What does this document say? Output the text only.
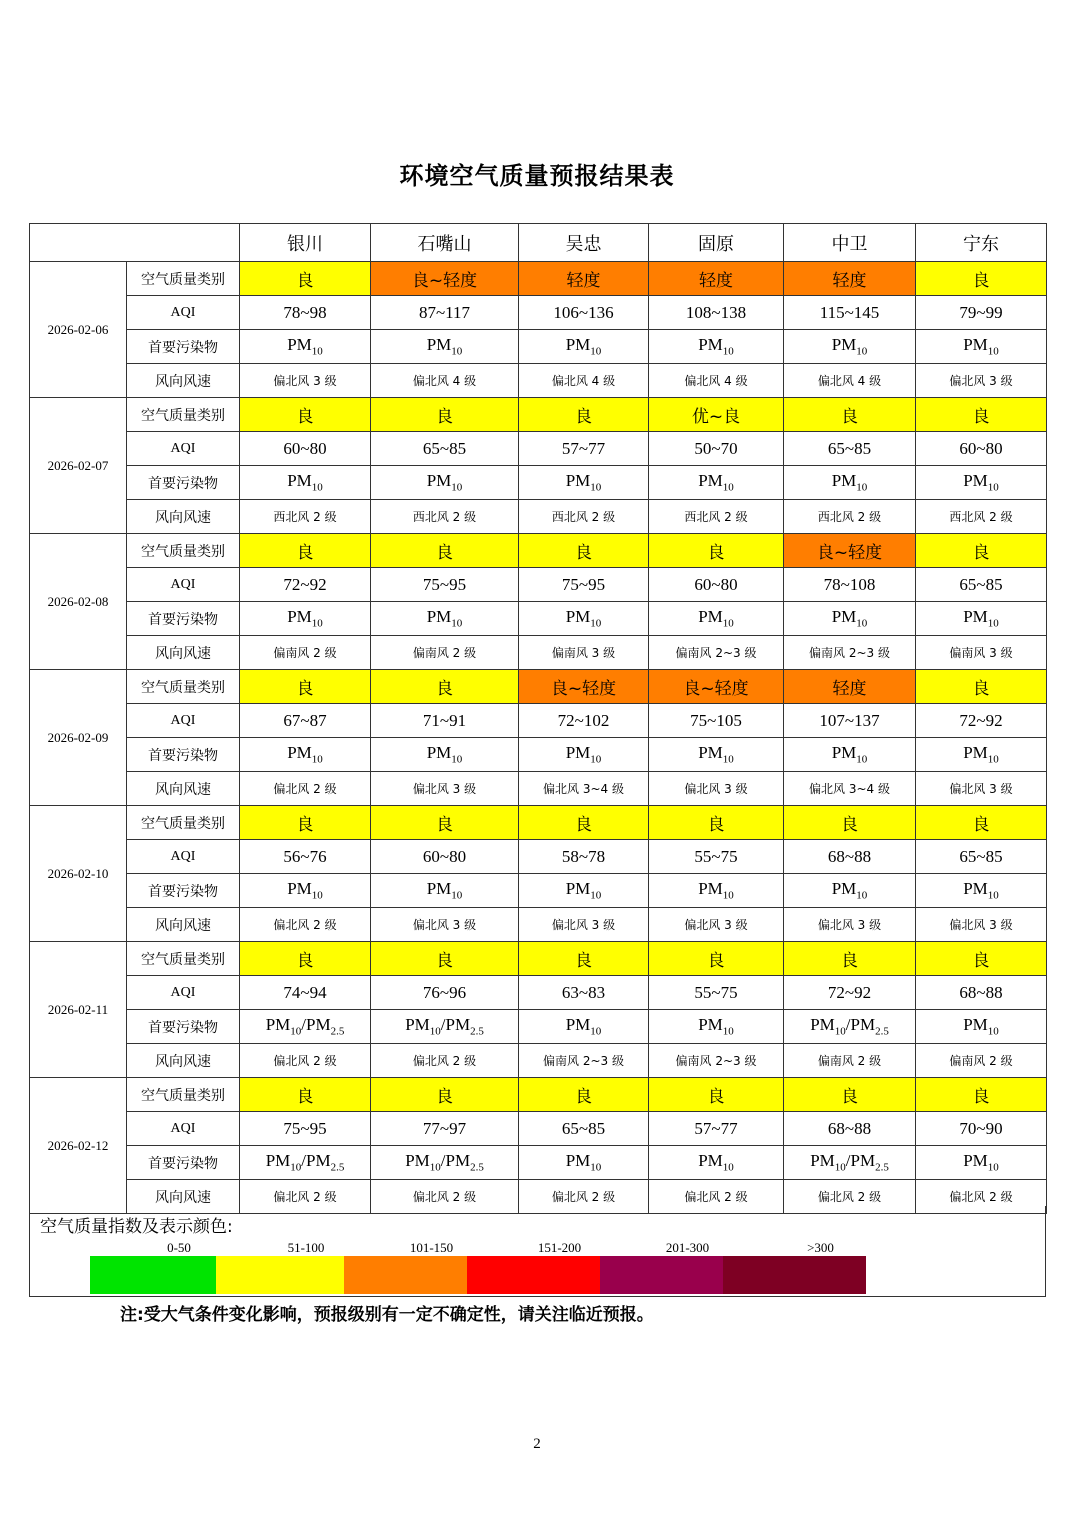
环境空气质量预报结果表
		银川	石嘴山	吴忠	固原	中卫	宁东
2026-02-06	空气质量类别	良	良~轻度	轻度	轻度	轻度	良
	AQI	78~98	87~117	106~136	108~138	115~145	79~99
	首要污染物	$PM_{10}$	$PM_{10}$	$PM_{10}$	$PM_{10}$	$PM_{10}$	$PM_{10}$
	风向风速	偏北风 3 级	偏北风 4 级	偏北风 4 级	偏北风 4 级	偏北风 4 级	偏北风 3 级
2026-02-07	空气质量类别	良	良	良	优~良	良	良
	AQI	60~80	65~85	57~77	50~70	65~85	60~80
	首要污染物	$PM_{10}$	$PM_{10}$	$PM_{10}$	$PM_{10}$	$PM_{10}$	$PM_{10}$
	风向风速	西北风 2 级	西北风 2 级	西北风 2 级	西北风 2 级	西北风 2 级	西北风 2 级
2026-02-08	空气质量类别	良	良	良	良	良~轻度	良
	AQI	72~92	75~95	75~95	60~80	78~108	65~85
	首要污染物	$PM_{10}$	$PM_{10}$	$PM_{10}$	$PM_{10}$	$PM_{10}$	$PM_{10}$
	风向风速	偏南风 2 级	偏南风 2 级	偏南风 3 级	偏南风 2~3 级	偏南风 2~3 级	偏南风 3 级
2026-02-09	空气质量类别	良	良	良~轻度	良~轻度	轻度	良
	AQI	67~87	71~91	72~102	75~105	107~137	72~92
	首要污染物	$PM_{10}$	$PM_{10}$	$PM_{10}$	$PM_{10}$	$PM_{10}$	$PM_{10}$
	风向风速	偏北风 2 级	偏北风 3 级	偏北风 3~4 级	偏北风 3 级	偏北风 3~4 级	偏北风 3 级
2026-02-10	空气质量类别	良	良	良	良	良	良
	AQI	56~76	60~80	58~78	55~75	68~88	65~85
	首要污染物	$PM_{10}$	$PM_{10}$	$PM_{10}$	$PM_{10}$	$PM_{10}$	$PM_{10}$
	风向风速	偏北风 2 级	偏北风 3 级	偏北风 3 级	偏北风 3 级	偏北风 3 级	偏北风 3 级
2026-02-11	空气质量类别	良	良	良	良	良	良
	AQI	74~94	76~96	63~83	55~75	72~92	68~88
	首要污染物	$PM_{10}/PM_{2.5}$	$PM_{10}/PM_{2.5}$	$PM_{10}$	$PM_{10}$	$PM_{10}/PM_{2.5}$	$PM_{10}$
	风向风速	偏北风 2 级	偏北风 2 级	偏南风 2~3 级	偏南风 2~3 级	偏南风 2 级	偏南风 2 级
2026-02-12	空气质量类别	良	良	良	良	良	良
	AQI	75~95	77~97	65~85	57~77	68~88	70~90
	首要污染物	$PM_{10}/PM_{2.5}$	$PM_{10}/PM_{2.5}$	$PM_{10}$	$PM_{10}$	$PM_{10}/PM_{2.5}$	$PM_{10}$
	风向风速	偏北风 2 级	偏北风 2 级	偏北风 2 级	偏北风 2 级	偏北风 2 级	偏北风 2 级
空气质量指数及表示颜色:
0-50	51-100	101-150	151-200	201-300	>300
注:受大气条件变化影响，预报级别有一定不确定性，请关注临近预报。
2
